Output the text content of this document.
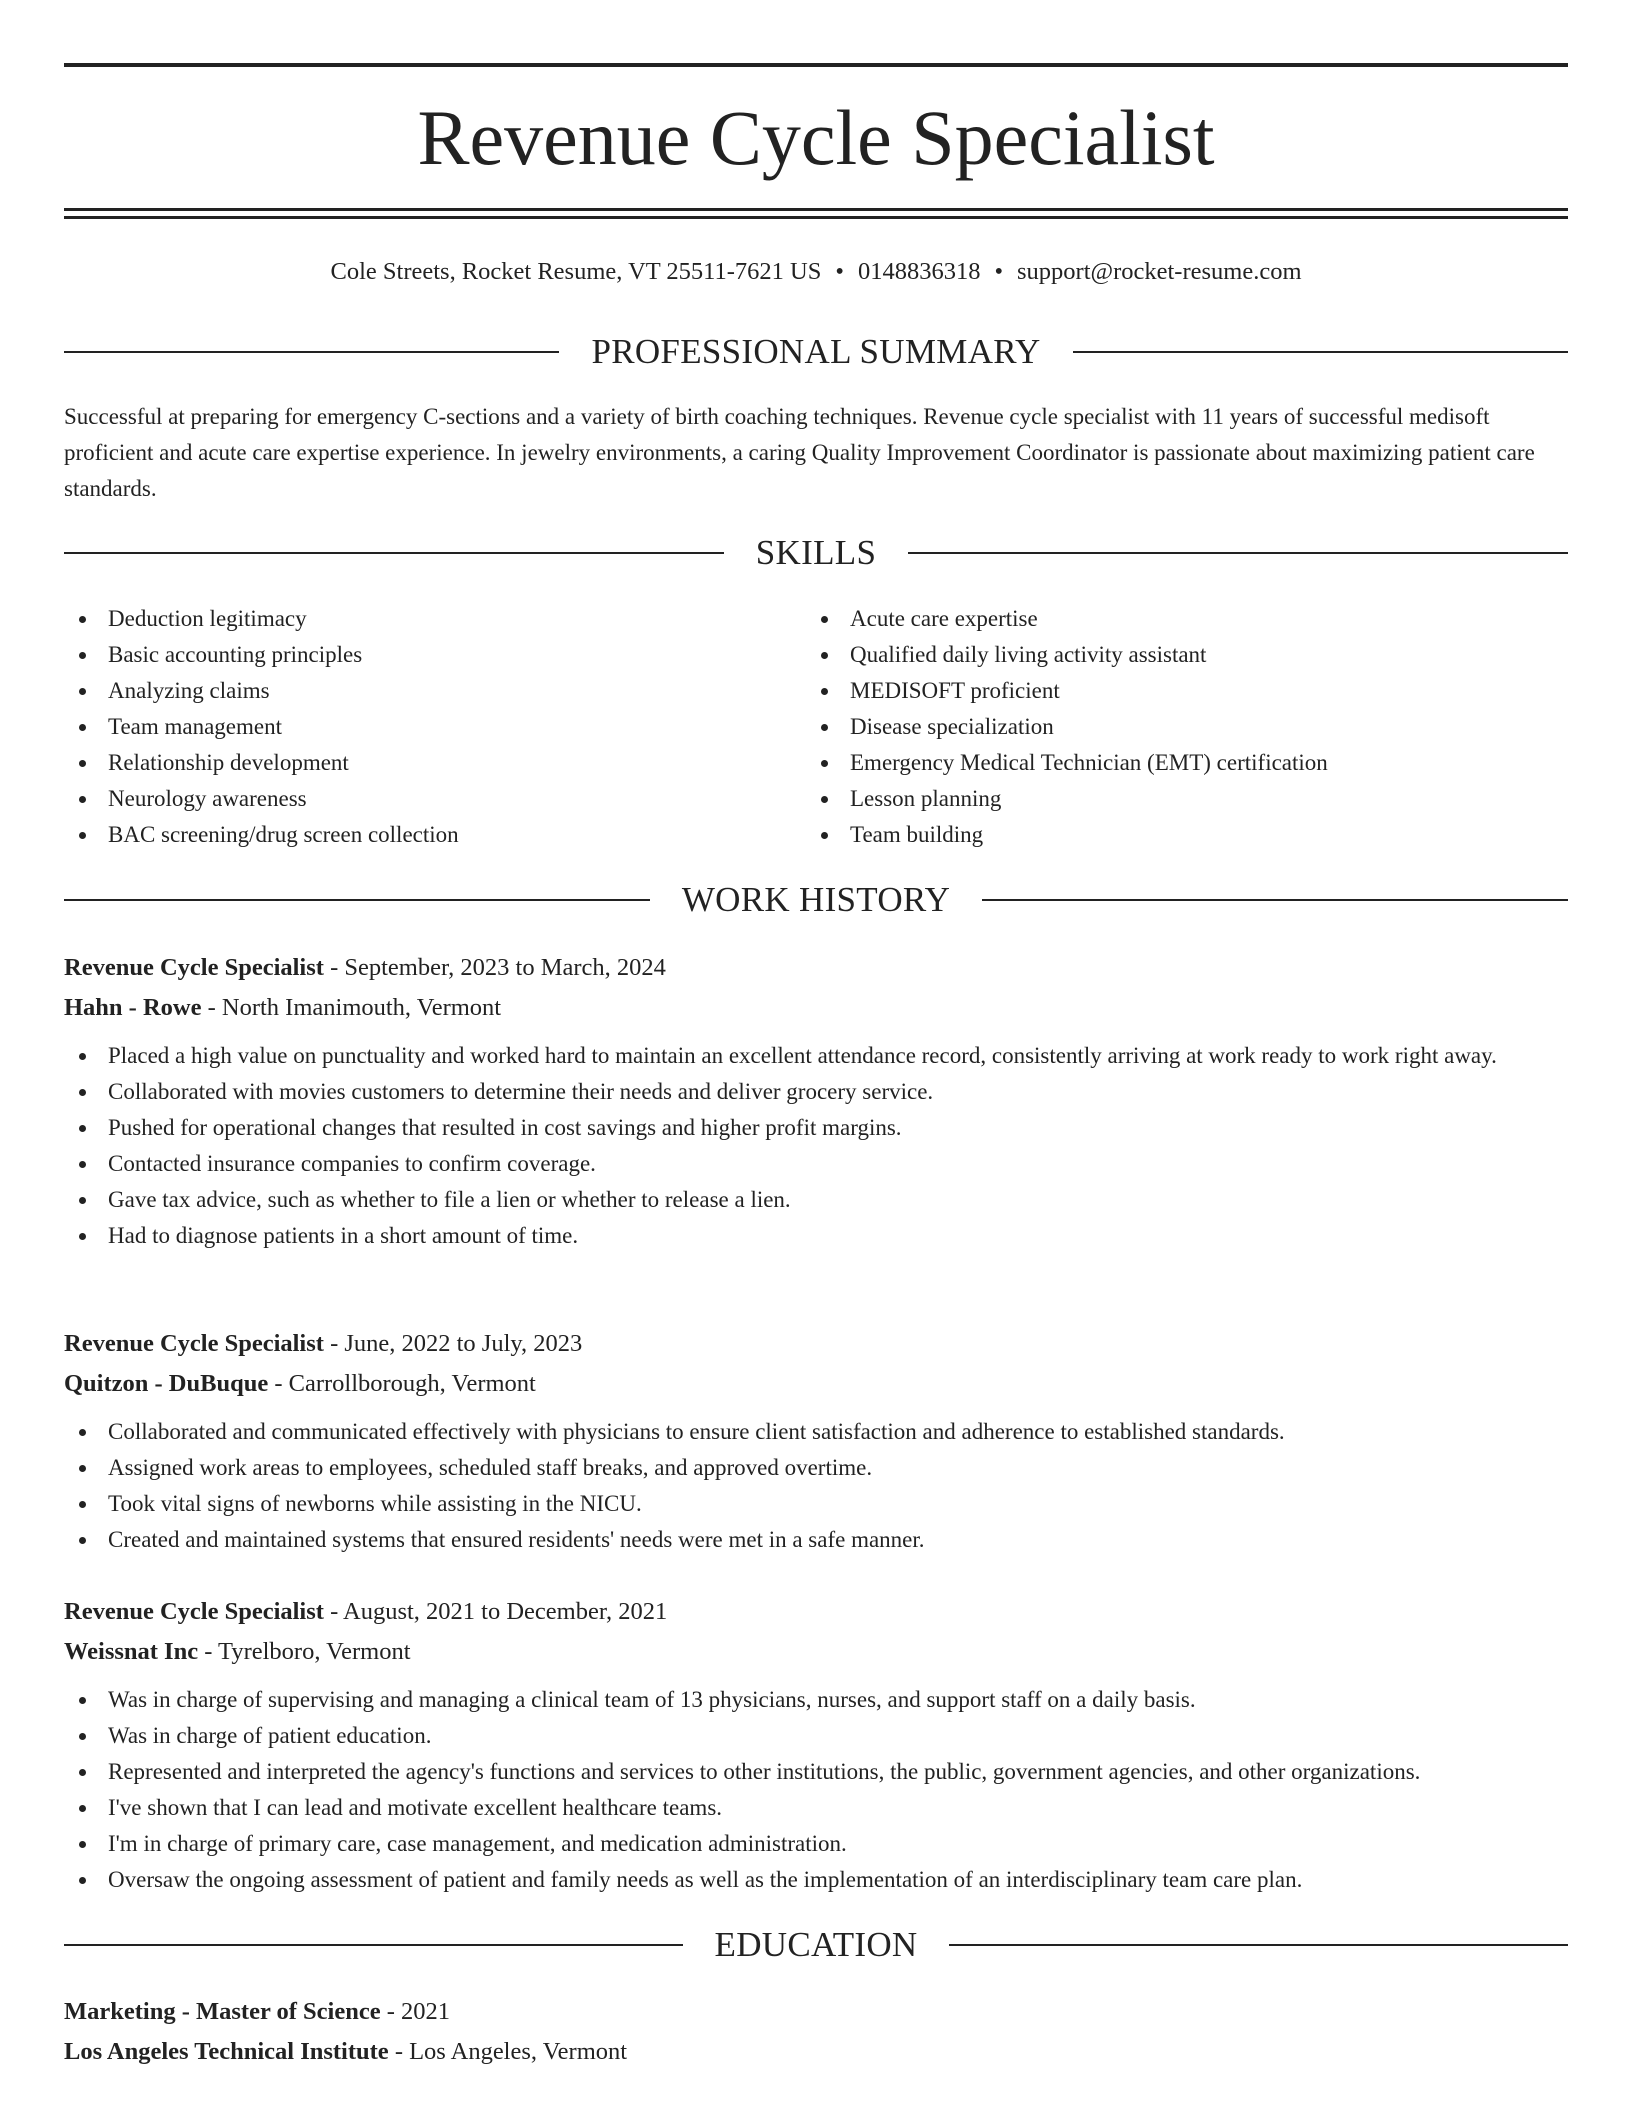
Revenue Cycle Specialist
Cole Streets, Rocket Resume, VT 25511-7621 US • 0148836318 • support@rocket-resume.com
PROFESSIONAL SUMMARY

Successful at preparing for emergency C-sections and a variety of birth coaching techniques. Revenue cycle specialist with 11 years of successful medisoft proficient and acute care expertise experience. In jewelry environments, a caring Quality Improvement Coordinator is passionate about maximizing patient care standards.

SKILLS
Deduction legitimacy
Basic accounting principles
Analyzing claims
Team management
Relationship development
Neurology awareness
BAC screening/drug screen collection
Acute care expertise
Qualified daily living activity assistant
MEDISOFT proficient
Disease specialization
Emergency Medical Technician (EMT) certification
Lesson planning
Team building
WORK HISTORY

Revenue Cycle Specialist - September, 2023 to March, 2024

Hahn - Rowe - North Imanimouth, Vermont

Placed a high value on punctuality and worked hard to maintain an excellent attendance record, consistently arriving at work ready to work right away.
Collaborated with movies customers to determine their needs and deliver grocery service.
Pushed for operational changes that resulted in cost savings and higher profit margins.
Contacted insurance companies to confirm coverage.
Gave tax advice, such as whether to file a lien or whether to release a lien.
Had to diagnose patients in a short amount of time.

Revenue Cycle Specialist - June, 2022 to July, 2023

Quitzon - DuBuque - Carrollborough, Vermont

Collaborated and communicated effectively with physicians to ensure client satisfaction and adherence to established standards.
Assigned work areas to employees, scheduled staff breaks, and approved overtime.
Took vital signs of newborns while assisting in the NICU.
Created and maintained systems that ensured residents' needs were met in a safe manner.

Revenue Cycle Specialist - August, 2021 to December, 2021

Weissnat Inc - Tyrelboro, Vermont

Was in charge of supervising and managing a clinical team of 13 physicians, nurses, and support staff on a daily basis.
Was in charge of patient education.
Represented and interpreted the agency's functions and services to other institutions, the public, government agencies, and other organizations.
I've shown that I can lead and motivate excellent healthcare teams.
I'm in charge of primary care, case management, and medication administration.
Oversaw the ongoing assessment of patient and family needs as well as the implementation of an interdisciplinary team care plan.
EDUCATION

Marketing - Master of Science - 2021

Los Angeles Technical Institute - Los Angeles, Vermont
